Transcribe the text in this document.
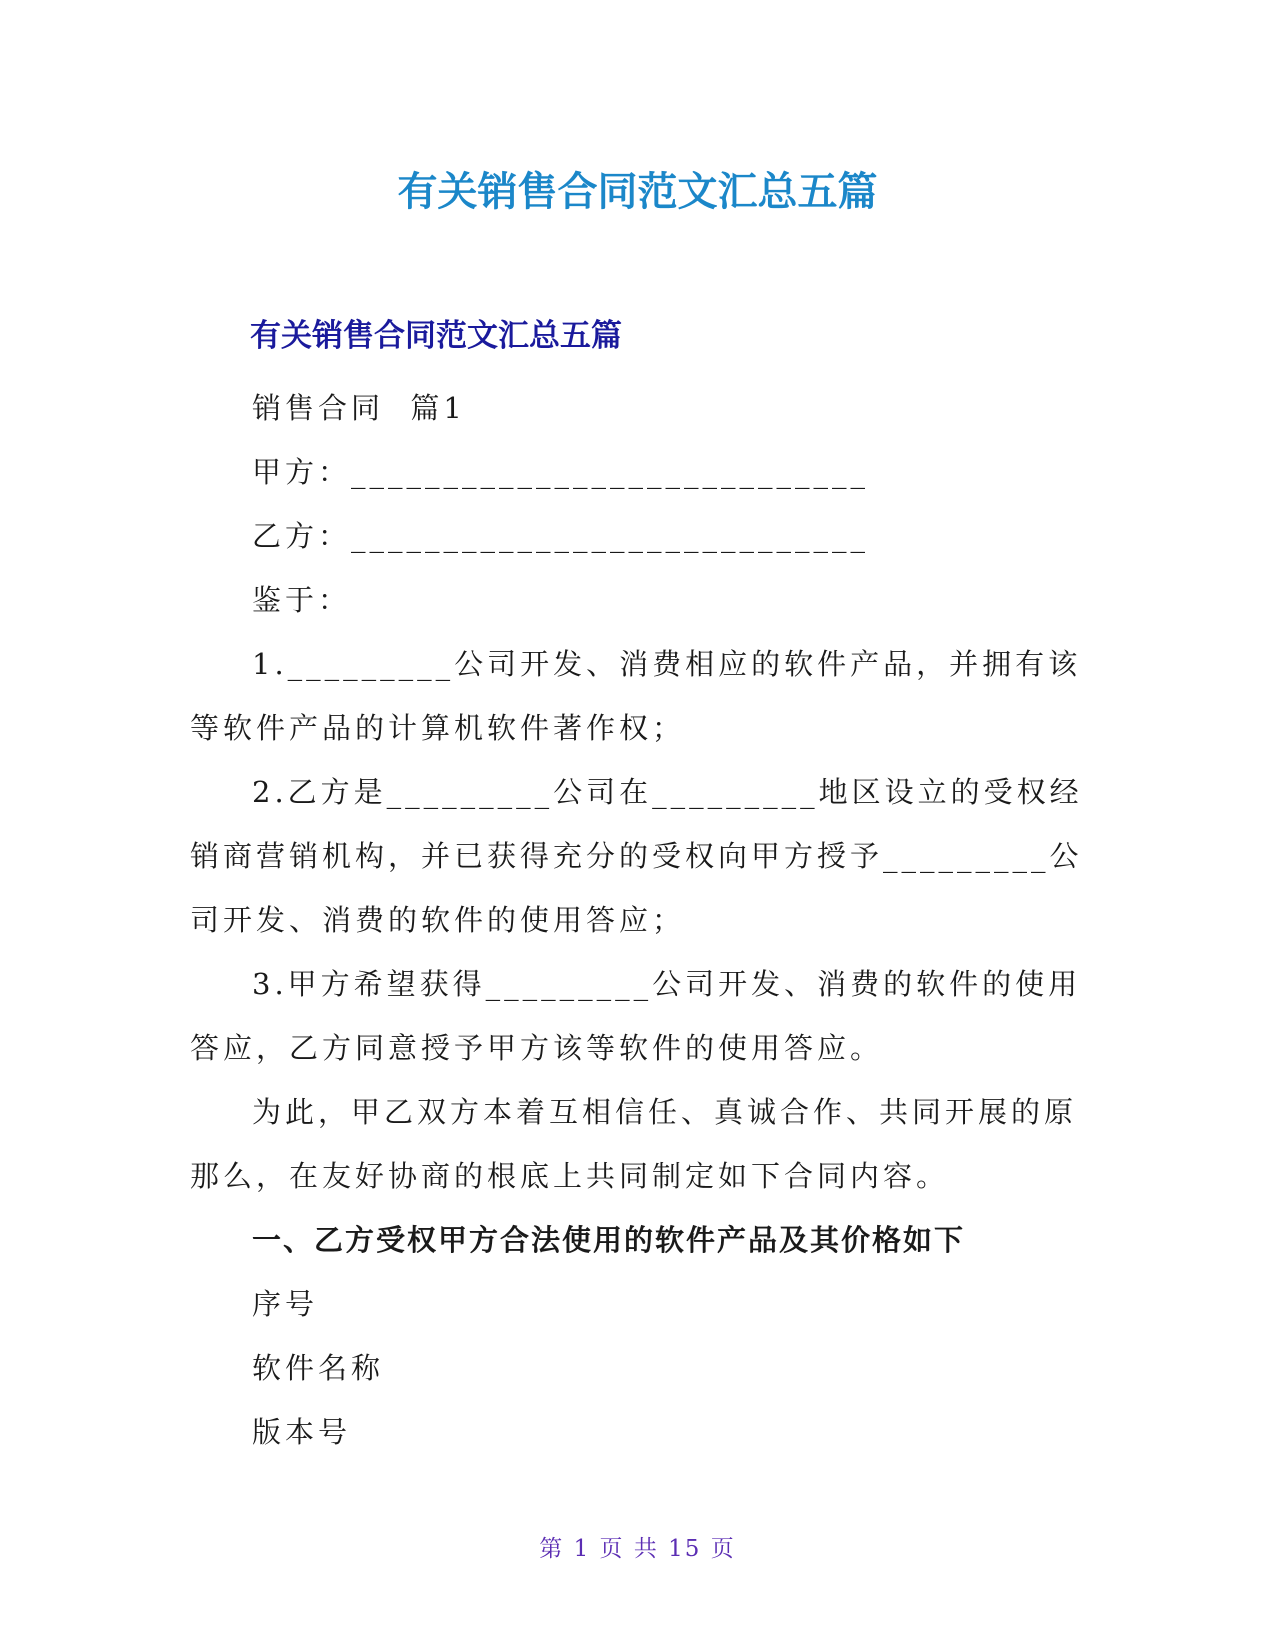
有关销售合同范文汇总五篇
有关销售合同范文汇总五篇

销售合同  篇1

甲方：____________________________

乙方：____________________________

鉴于：

1._________公司开发、消费相应的软件产品，并拥有该等软件产品的计算机软件著作权；

2.乙方是_________公司在_________地区设立的受权经销商营销机构，并已获得充分的受权向甲方授予_________公司开发、消费的软件的使用答应；

3.甲方希望获得_________公司开发、消费的软件的使用答应，乙方同意授予甲方该等软件的使用答应。

为此，甲乙双方本着互相信任、真诚合作、共同开展的原那么，在友好协商的根底上共同制定如下合同内容。

一、乙方受权甲方合法使用的软件产品及其价格如下

序号

软件名称

版本号

第 1 页 共 15 页
